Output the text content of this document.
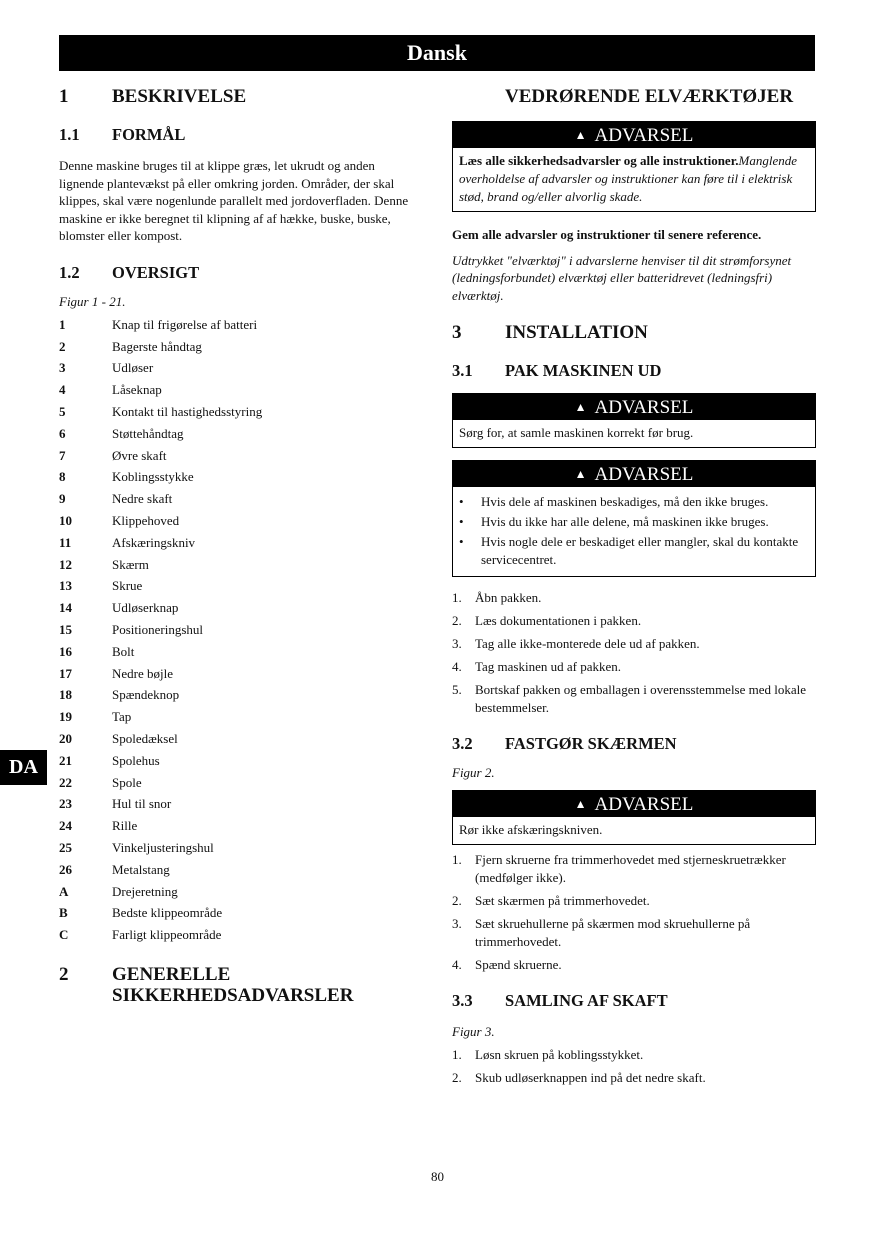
Dansk
1	BESKRIVELSE
1.1	FORMÅL

Denne maskine bruges til at klippe græs, let ukrudt og anden lignende plantevækst på eller omkring jorden. Områder, der skal klippes, skal være nogenlunde parallelt med jordoverfladen. Denne maskine er ikke beregnet til klipning af af hække, buske, buske, blomster eller kompost.

1.2	OVERSIGT

Figur 1 - 21.

1	Knap til frigørelse af batteri
2	Bagerste håndtag
3	Udløser
4	Låseknap
5	Kontakt til hastighedsstyring
6	Støttehåndtag
7	Øvre skaft
8	Koblingsstykke
9	Nedre skaft
10	Klippehoved
11	Afskæringskniv
12	Skærm
13	Skrue
14	Udløserknap
15	Positioneringshul
16	Bolt
17	Nedre bøjle
18	Spændeknop
19	Tap
20	Spoledæksel
21	Spolehus
22	Spole
23	Hul til snor
24	Rille
25	Vinkeljusteringshul
26	Metalstang
A	Drejeretning
B	Bedste klippeområde
C	Farligt klippeområde
2	GENERELLE SIKKERHEDSADVARSLER
VEDRØRENDE ELVÆRKTØJER
▲ ADVARSEL
Læs alle sikkerhedsadvarsler og alle instruktioner.Manglende overholdelse af advarsler og instruktioner kan føre til i elektrisk stød, brand og/eller alvorlig skade.

Gem alle advarsler og instruktioner til senere reference.

Udtrykket "elværktøj" i advarslerne henviser til dit strømforsynet (ledningsforbundet) elværktøj eller batteridrevet (ledningsfri) elværktøj.

3	INSTALLATION
3.1	PAK MASKINEN UD
▲ ADVARSEL
Sørg for, at samle maskinen korrekt før brug.
▲ ADVARSEL
•	Hvis dele af maskinen beskadiges, må den ikke bruges.
•	Hvis du ikke har alle delene, må maskinen ikke bruges.
•	Hvis nogle dele er beskadiget eller mangler, skal du kontakte servicecentret.
1.	Åbn pakken.
2.	Læs dokumentationen i pakken.
3.	Tag alle ikke-monterede dele ud af pakken.
4.	Tag maskinen ud af pakken.
5.	Bortskaf pakken og emballagen i overensstemmelse med lokale bestemmelser.
3.2	FASTGØR SKÆRMEN

Figur 2.

▲ ADVARSEL
Rør ikke afskæringskniven.
1.	Fjern skruerne fra trimmerhovedet med stjerneskruetrækker (medfølger ikke).
2.	Sæt skærmen på trimmerhovedet.
3.	Sæt skruehullerne på skærmen mod skruehullerne på trimmerhovedet.
4.	Spænd skruerne.
3.3	SAMLING AF SKAFT

Figur 3.

1.	Løsn skruen på koblingsstykket.
2.	Skub udløserknappen ind på det nedre skaft.
DA
80
